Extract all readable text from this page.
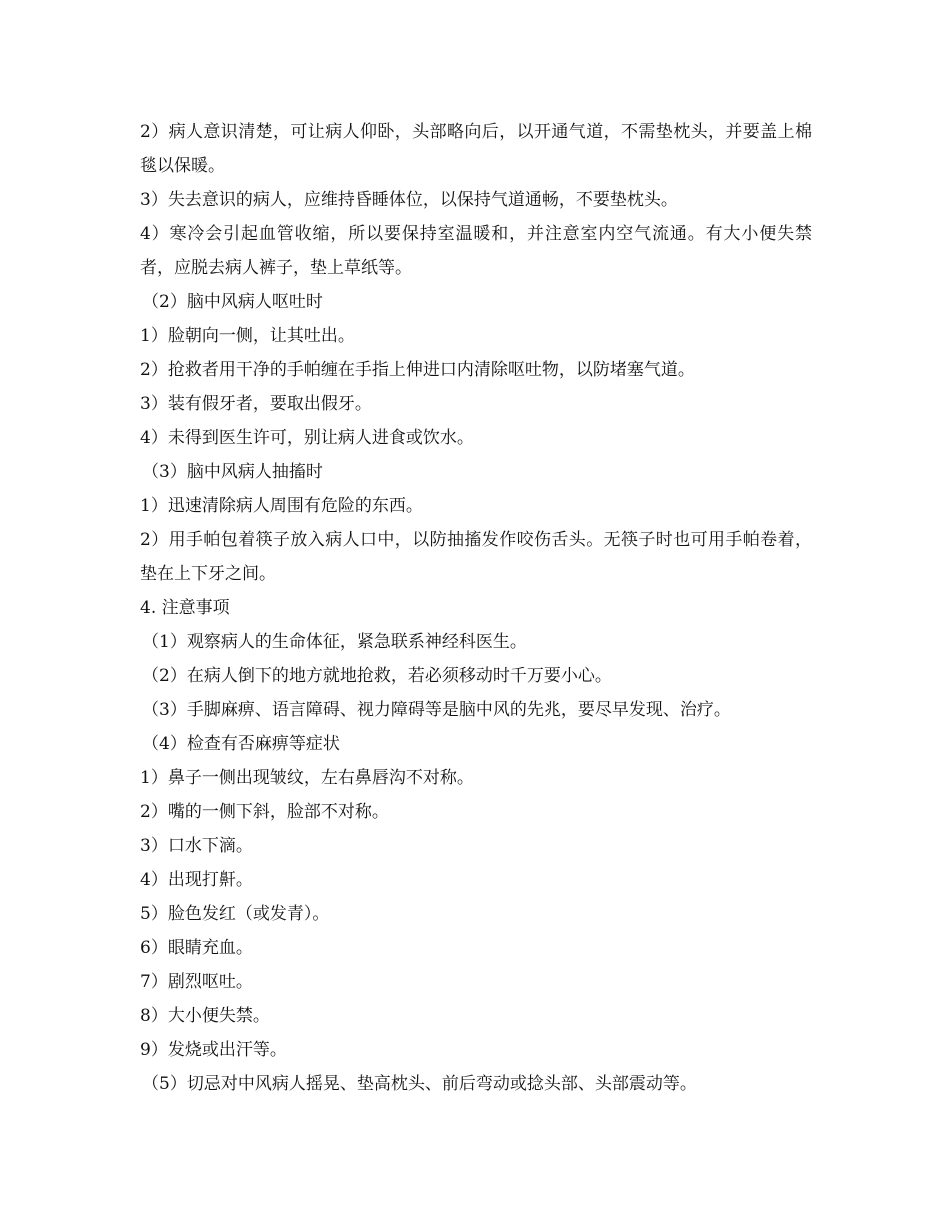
2）病人意识清楚，可让病人仰卧，头部略向后，以开通气道，不需垫枕头，并要盖上棉毯以保暖。

3）失去意识的病人，应维持昏睡体位，以保持气道通畅，不要垫枕头。

4）寒冷会引起血管收缩，所以要保持室温暖和，并注意室内空气流通。有大小便失禁者，应脱去病人裤子，垫上草纸等。

（2）脑中风病人呕吐时

1）脸朝向一侧，让其吐出。

2）抢救者用干净的手帕缠在手指上伸进口内清除呕吐物，以防堵塞气道。

3）装有假牙者，要取出假牙。

4）未得到医生许可，别让病人进食或饮水。

（3）脑中风病人抽搐时

1）迅速清除病人周围有危险的东西。

2）用手帕包着筷子放入病人口中，以防抽搐发作咬伤舌头。无筷子时也可用手帕卷着，垫在上下牙之间。

4. 注意事项

（1）观察病人的生命体征，紧急联系神经科医生。

（2）在病人倒下的地方就地抢救，若必须移动时千万要小心。

（3）手脚麻痹、语言障碍、视力障碍等是脑中风的先兆，要尽早发现、治疗。

（4）检查有否麻痹等症状

1）鼻子一侧出现皱纹，左右鼻唇沟不对称。

2）嘴的一侧下斜，脸部不对称。

3）口水下滴。

4）出现打鼾。

5）脸色发红（或发青）。

6）眼睛充血。

7）剧烈呕吐。

8）大小便失禁。

9）发烧或出汗等。

（5）切忌对中风病人摇晃、垫高枕头、前后弯动或捻头部、头部震动等。
